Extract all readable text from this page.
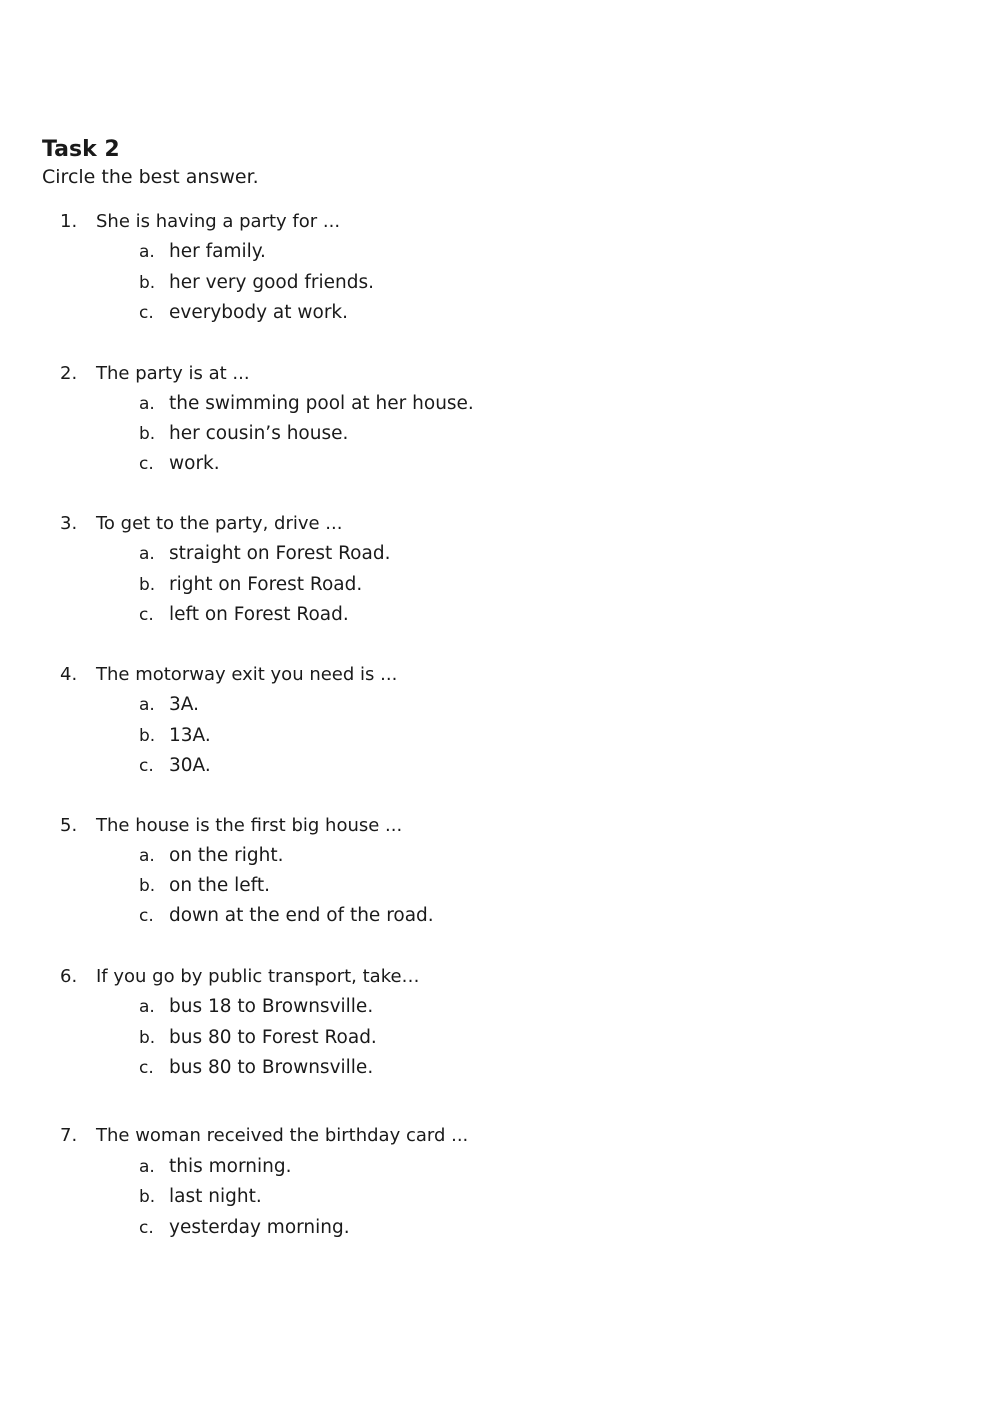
Task 2
Circle the best answer.
1. She is having a party for ...
a. her family.
b. her very good friends.
c. everybody at work.
2. The party is at ...
a. the swimming pool at her house.
b. her cousin’s house.
c. work.
3. To get to the party, drive ...
a. straight on Forest Road.
b. right on Forest Road.
c. left on Forest Road.
4. The motorway exit you need is ...
a. 3A.
b. 13A.
c. 30A.
5. The house is the first big house ...
a. on the right.
b. on the left.
c. down at the end of the road.
6. If you go by public transport, take…
a. bus 18 to Brownsville.
b. bus 80 to Forest Road.
c. bus 80 to Brownsville.
7. The woman received the birthday card ...
a. this morning.
b. last night.
c. yesterday morning.
